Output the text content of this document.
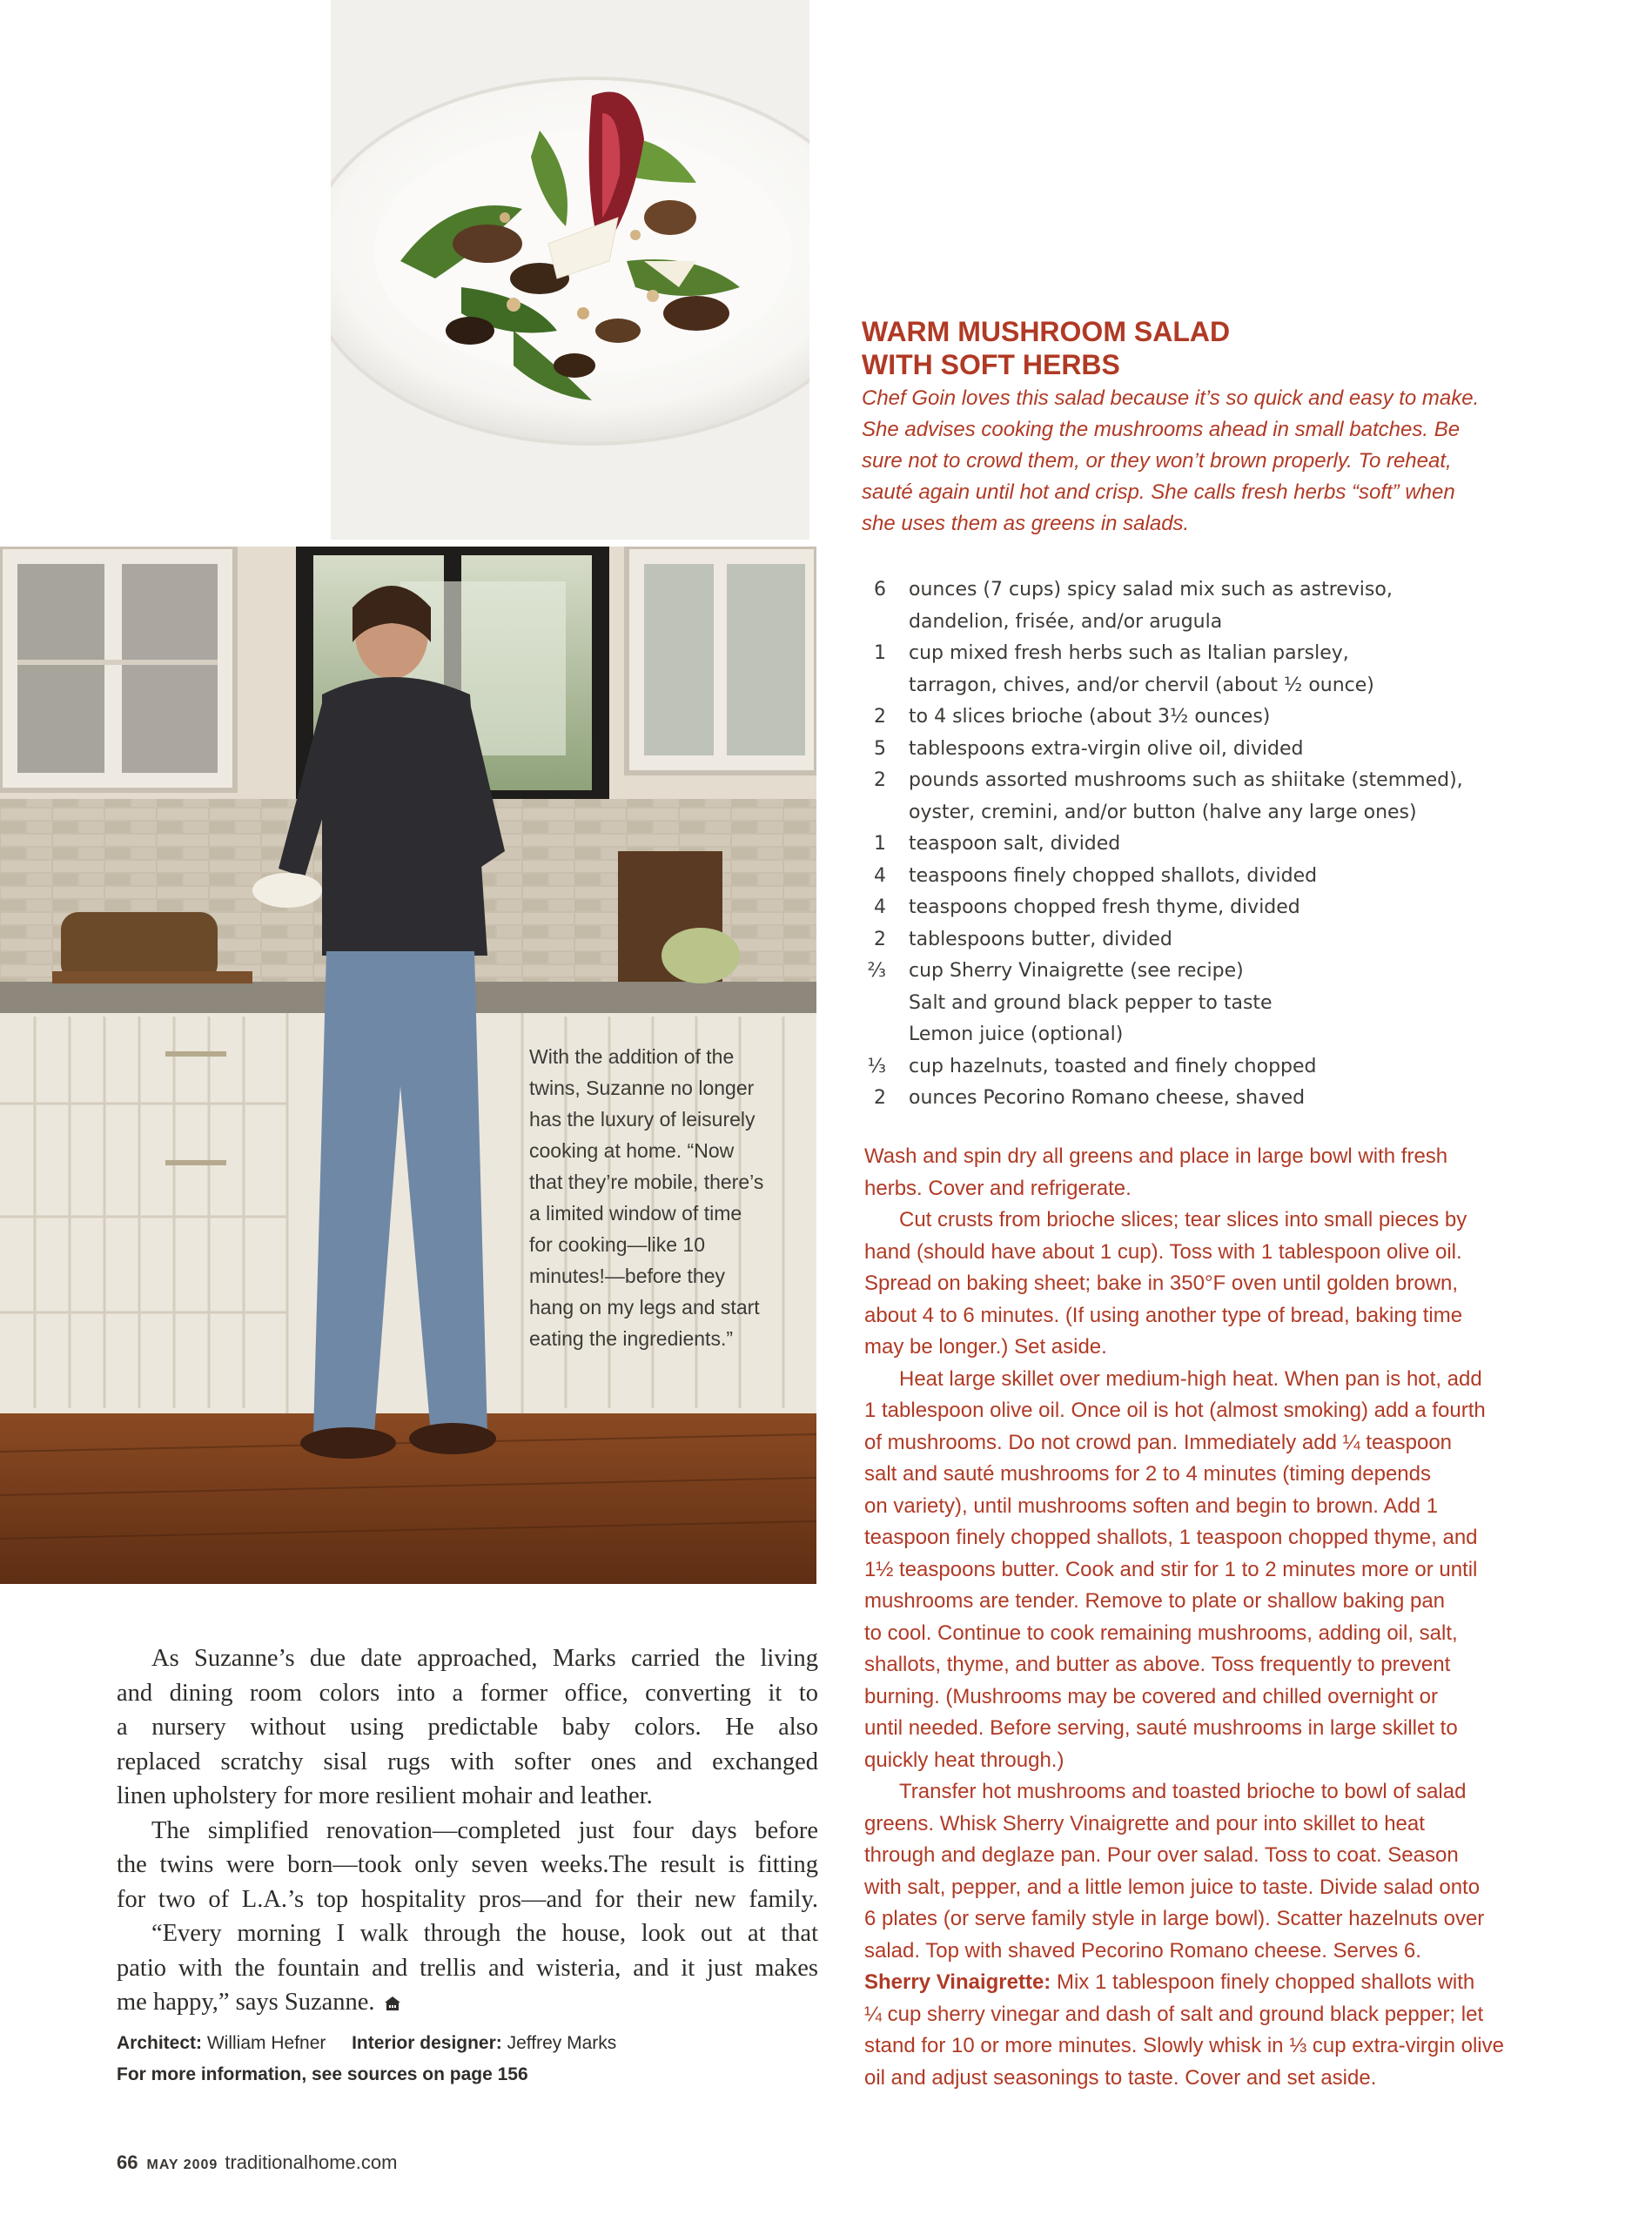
With the addition of the
twins, Suzanne no longer
has the luxury of leisurely
cooking at home. “Now
that they’re mobile, there’s
a limited window of time
for cooking—like 10
minutes!—before they
hang on my legs and start
eating the ingredients.”
WARM MUSHROOM SALAD
WITH SOFT HERBS
Chef Goin loves this salad because it’s so quick and easy to make.
She advises cooking the mushrooms ahead in small batches. Be
sure not to crowd them, or they won’t brown properly. To reheat,
sauté again until hot and crisp. She calls fresh herbs “soft” when
she uses them as greens in salads.
6 ounces (7 cups) spicy salad mix such as astreviso,
dandelion, frisée, and/or arugula
1 cup mixed fresh herbs such as Italian parsley,
tarragon, chives, and/or chervil (about ½ ounce)
2 to 4 slices brioche (about 3½ ounces)
5 tablespoons extra-virgin olive oil, divided
2 pounds assorted mushrooms such as shiitake (stemmed),
oyster, cremini, and/or button (halve any large ones)
1 teaspoon salt, divided
4 teaspoons finely chopped shallots, divided
4 teaspoons chopped fresh thyme, divided
2 tablespoons butter, divided
⅔ cup Sherry Vinaigrette (see recipe)
Salt and ground black pepper to taste
Lemon juice (optional)
⅓ cup hazelnuts, toasted and finely chopped
2 ounces Pecorino Romano cheese, shaved
Wash and spin dry all greens and place in large bowl with fresh
herbs. Cover and refrigerate.
Cut crusts from brioche slices; tear slices into small pieces by
hand (should have about 1 cup). Toss with 1 tablespoon olive oil.
Spread on baking sheet; bake in 350°F oven until golden brown,
about 4 to 6 minutes. (If using another type of bread, baking time
may be longer.) Set aside.
Heat large skillet over medium-high heat. When pan is hot, add
1 tablespoon olive oil. Once oil is hot (almost smoking) add a fourth
of mushrooms. Do not crowd pan. Immediately add ¼ teaspoon
salt and sauté mushrooms for 2 to 4 minutes (timing depends
on variety), until mushrooms soften and begin to brown. Add 1
teaspoon finely chopped shallots, 1 teaspoon chopped thyme, and
1½ teaspoons butter. Cook and stir for 1 to 2 minutes more or until
mushrooms are tender. Remove to plate or shallow baking pan
to cool. Continue to cook remaining mushrooms, adding oil, salt,
shallots, thyme, and butter as above. Toss frequently to prevent
burning. (Mushrooms may be covered and chilled overnight or
until needed. Before serving, sauté mushrooms in large skillet to
quickly heat through.)
Transfer hot mushrooms and toasted brioche to bowl of salad
greens. Whisk Sherry Vinaigrette and pour into skillet to heat
through and deglaze pan. Pour over salad. Toss to coat. Season
with salt, pepper, and a little lemon juice to taste. Divide salad onto
6 plates (or serve family style in large bowl). Scatter hazelnuts over
salad. Top with shaved Pecorino Romano cheese. Serves 6.
Sherry Vinaigrette: Mix 1 tablespoon finely chopped shallots with
¼ cup sherry vinegar and dash of salt and ground black pepper; let
stand for 10 or more minutes. Slowly whisk in ⅓ cup extra-virgin olive
oil and adjust seasonings to taste. Cover and set aside.
As Suzanne’s due date approached, Marks carried the living
and dining room colors into a former office, converting it to
a nursery without using predictable baby colors. He also
replaced scratchy sisal rugs with softer ones and exchanged
linen upholstery for more resilient mohair and leather.
The simplified renovation—completed just four days before
the twins were born—took only seven weeks.The result is fitting
for two of L.A.’s top hospitality pros—and for their new family.
“Every morning I walk through the house, look out at that
patio with the fountain and trellis and wisteria, and it just makes
me happy,” says Suzanne.
Architect: William Hefner Interior designer: Jeffrey Marks
For more information, see sources on page 156
66 MAY 2009 traditionalhome.com
